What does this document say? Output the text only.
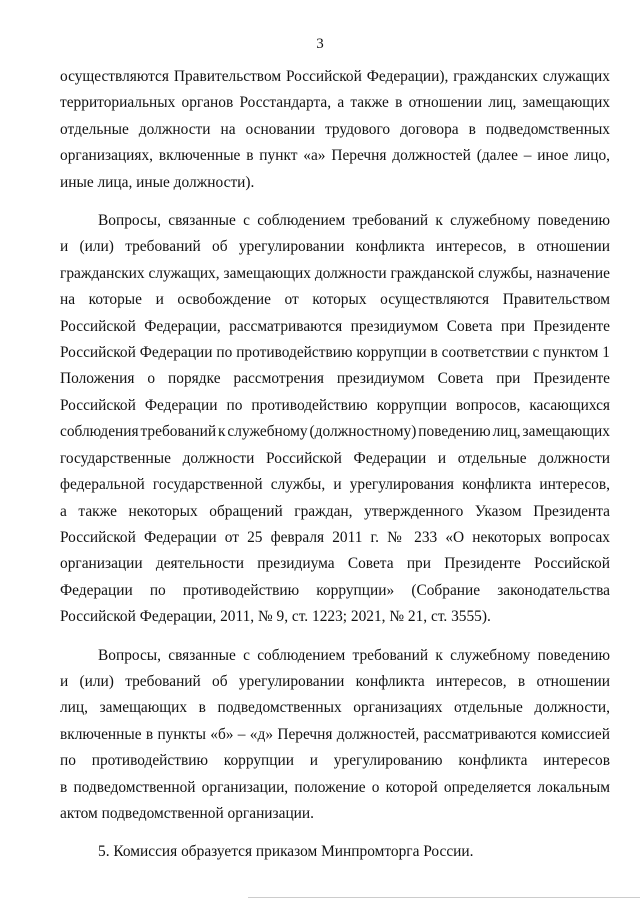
3
осуществляются Правительством Российской Федерации), гражданских служащих
территориальных органов Росстандарта, а также в отношении лиц, замещающих
отдельные должности на основании трудового договора в подведомственных
организациях, включенные в пункт «а» Перечня должностей (далее – иное лицо,
иные лица, иные должности).
Вопросы, связанные с соблюдением требований к служебному поведению
и (или) требований об урегулировании конфликта интересов, в отношении
гражданских служащих, замещающих должности гражданской службы, назначение
на которые и освобождение от которых осуществляются Правительством
Российской Федерации, рассматриваются президиумом Совета при Президенте
Российской Федерации по противодействию коррупции в соответствии с пунктом 1
Положения о порядке рассмотрения президиумом Совета при Президенте
Российской Федерации по противодействию коррупции вопросов, касающихся
соблюдения требований к служебному (должностному) поведению лиц, замещающих
государственные должности Российской Федерации и отдельные должности
федеральной государственной службы, и урегулирования конфликта интересов,
а также некоторых обращений граждан, утвержденного Указом Президента
Российской Федерации от 25 февраля 2011 г. № 233 «О некоторых вопросах
организации деятельности президиума Совета при Президенте Российской
Федерации по противодействию коррупции» (Собрание законодательства
Российской Федерации, 2011, № 9, ст. 1223; 2021, № 21, ст. 3555).
Вопросы, связанные с соблюдением требований к служебному поведению
и (или) требований об урегулировании конфликта интересов, в отношении
лиц, замещающих в подведомственных организациях отдельные должности,
включенные в пункты «б» – «д» Перечня должностей, рассматриваются комиссией
по противодействию коррупции и урегулированию конфликта интересов
в подведомственной организации, положение о которой определяется локальным
актом подведомственной организации.
5. Комиссия образуется приказом Минпромторга России.
